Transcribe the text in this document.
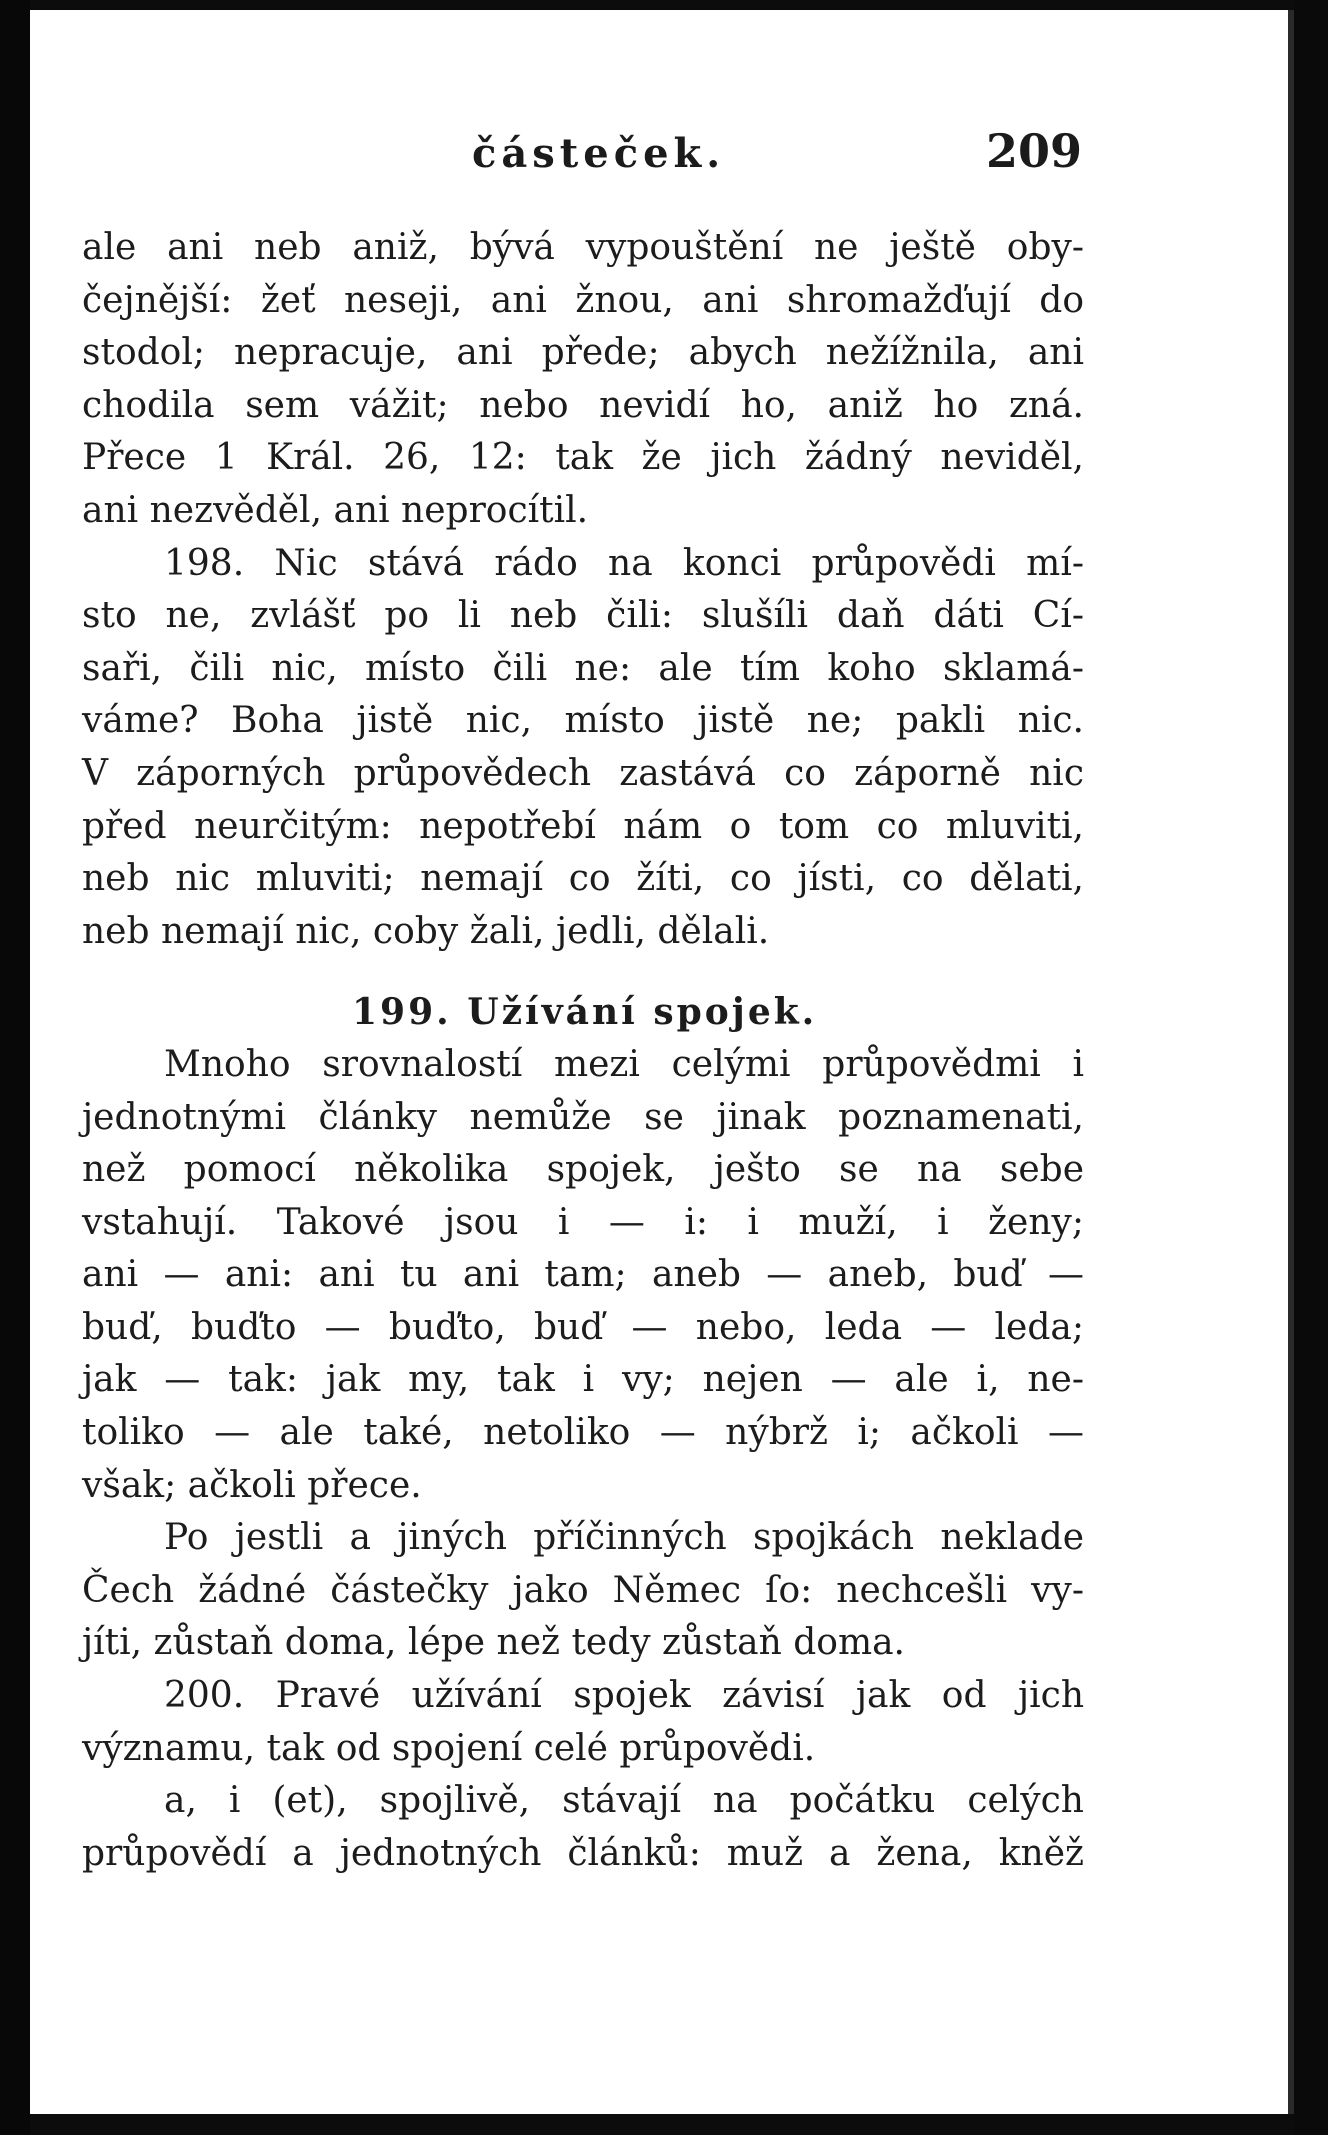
částeček.	209
ale ani neb aniž, bývá vypouštění ne ještě oby-
čejnější: žeť neseji, ani žnou, ani shromažďují do
stodol; nepracuje, ani přede; abych nežížnila, ani
chodila sem vážit; nebo nevidí ho, aniž ho zná.
Přece 1 Král. 26, 12: tak že jich žádný neviděl,
ani nezvěděl, ani neprocítil.
198. Nic stává rádo na konci průpovědi mí-
sto ne, zvlášť po li neb čili: slušíli daň dáti Cí-
saři, čili nic, místo čili ne: ale tím koho sklamá-
váme? Boha jistě nic, místo jistě ne; pakli nic.
V záporných průpovědech zastává co záporně nic
před neurčitým: nepotřebí nám o tom co mluviti,
neb nic mluviti; nemají co žíti, co jísti, co dělati,
neb nemají nic, coby žali, jedli, dělali.
199. Užívání spojek.
Mnoho srovnalostí mezi celými průpovědmi i
jednotnými články nemůže se jinak poznamenati,
než pomocí několika spojek, ješto se na sebe
vstahují. Takové jsou i — i: i muží, i ženy;
ani — ani: ani tu ani tam; aneb — aneb, buď —
buď, buďto — buďto, buď — nebo, leda — leda;
jak — tak: jak my, tak i vy; nejen — ale i, ne-
toliko — ale také, netoliko — nýbrž i; ačkoli —
však; ačkoli přece.
Po jestli a jiných příčinných spojkách neklade
Čech žádné částečky jako Němec ſo: nechcešli vy-
jíti, zůstaň doma, lépe než tedy zůstaň doma.
200. Pravé užívání spojek závisí jak od jich
významu, tak od spojení celé průpovědi.
a, i (et), spojlivě, stávají na počátku celých
průpovědí a jednotných článků: muž a žena, kněž
